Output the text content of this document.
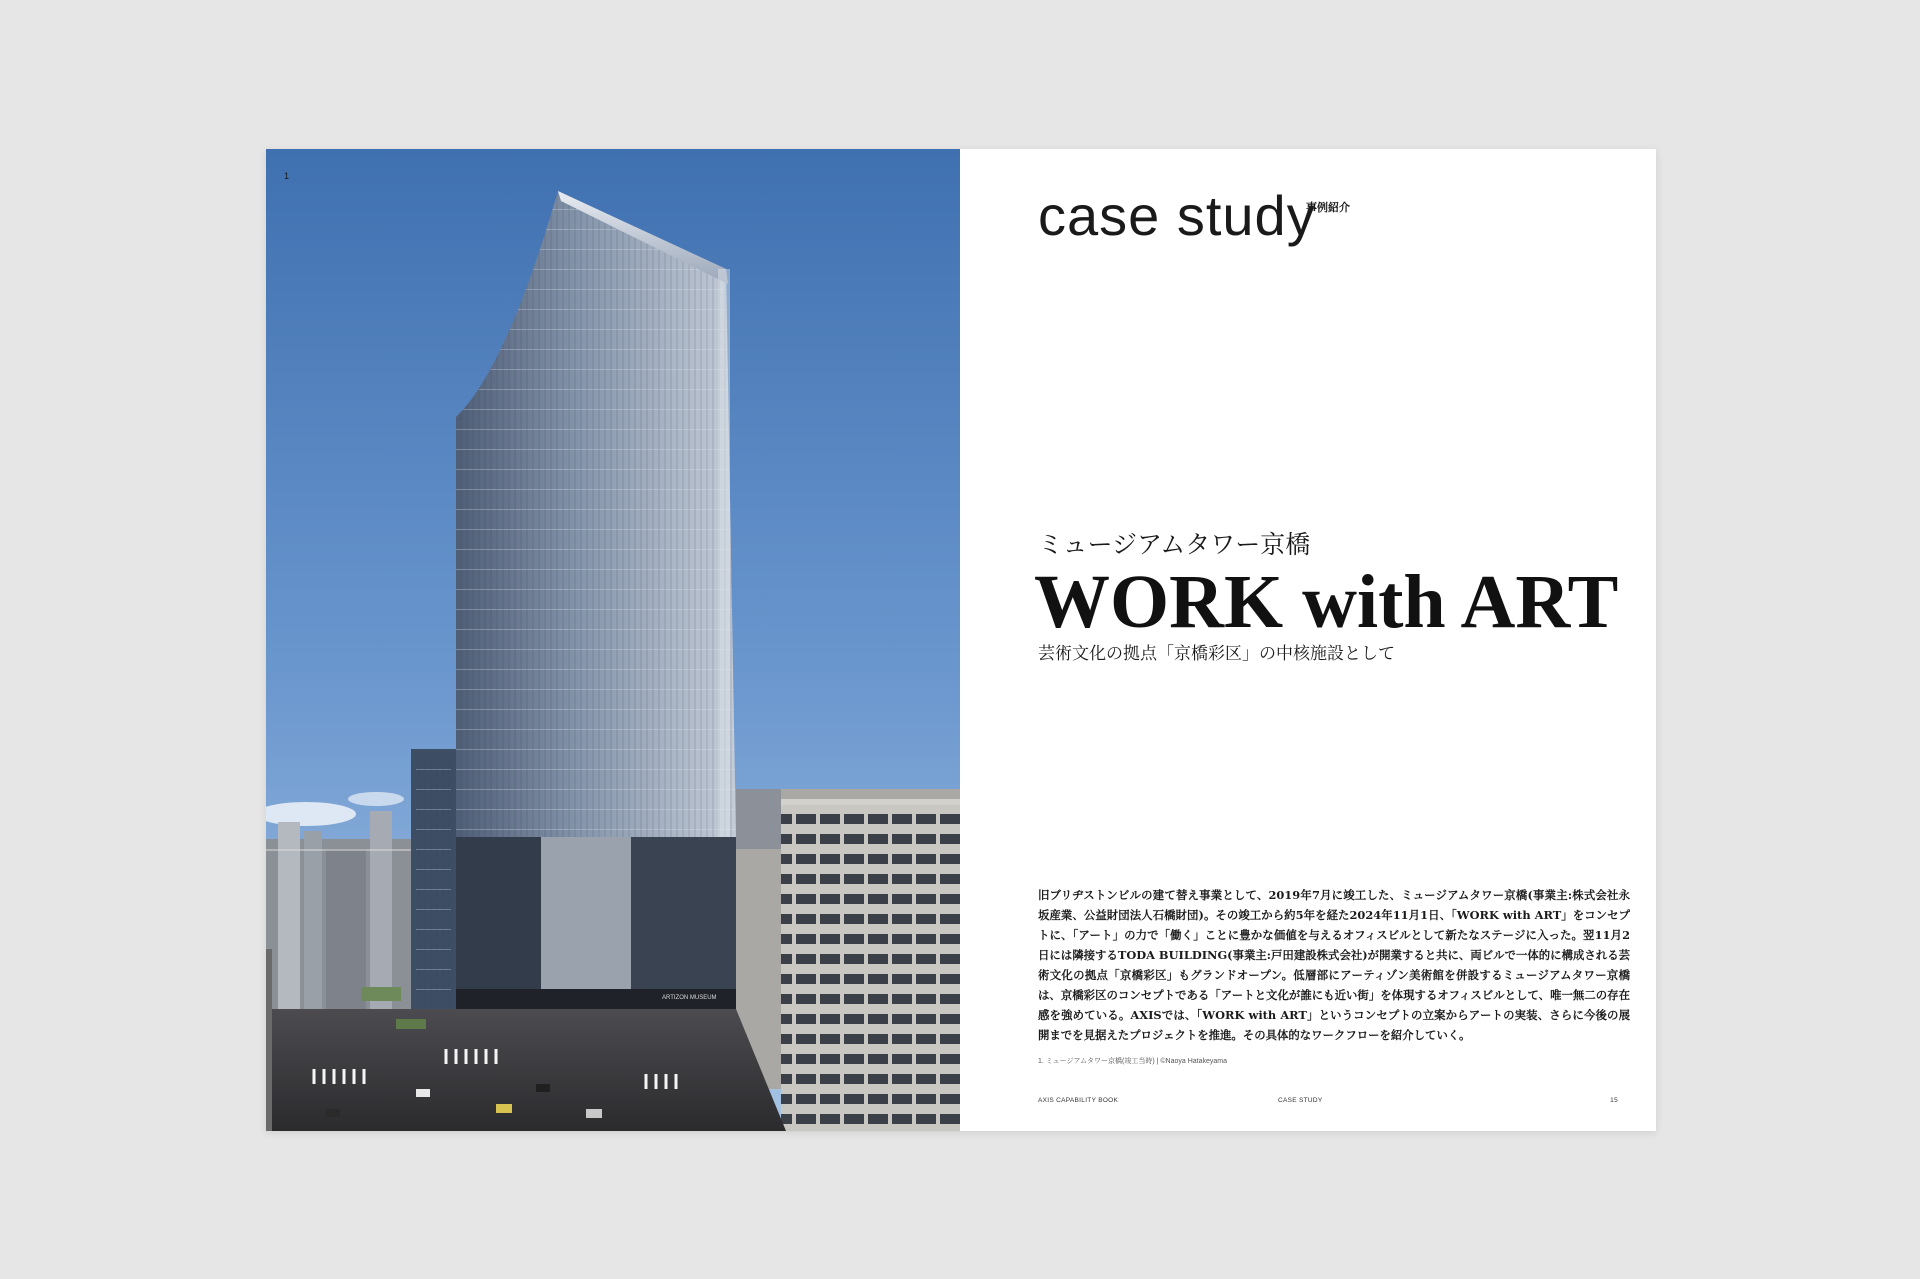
ARTIZON MUSEUM
1
case study
事例紹介
ミュージアムタワー京橋
WORK with ART
芸術文化の拠点「京橋彩区」の中核施設として

旧ブリヂストンビルの建て替え事業として、2019年7月に竣工した、ミュージアムタワー京橋(事業主:株式会社永坂産業、公益財団法人石橋財団)。その竣工から約5年を経た2024年11月1日、「WORK with ART」をコンセプトに、「アート」の力で「働く」ことに豊かな価値を与えるオフィスビルとして新たなステージに入った。翌11月2日には隣接するTODA BUILDING(事業主:戸田建設株式会社)が開業すると共に、両ビルで一体的に構成される芸術文化の拠点「京橋彩区」もグランドオープン。低層部にアーティゾン美術館を併設するミュージアムタワー京橋は、京橋彩区のコンセプトである「アートと文化が誰にも近い街」を体現するオフィスビルとして、唯一無二の存在感を強めている。AXISでは、「WORK with ART」というコンセプトの立案からアートの実装、さらに今後の展開までを見据えたプロジェクトを推進。その具体的なワークフローを紹介していく。

1. ミュージアムタワー京橋(竣工当時) | ©Naoya Hatakeyama
AXIS CAPABILITY BOOK	CASE STUDY	15
